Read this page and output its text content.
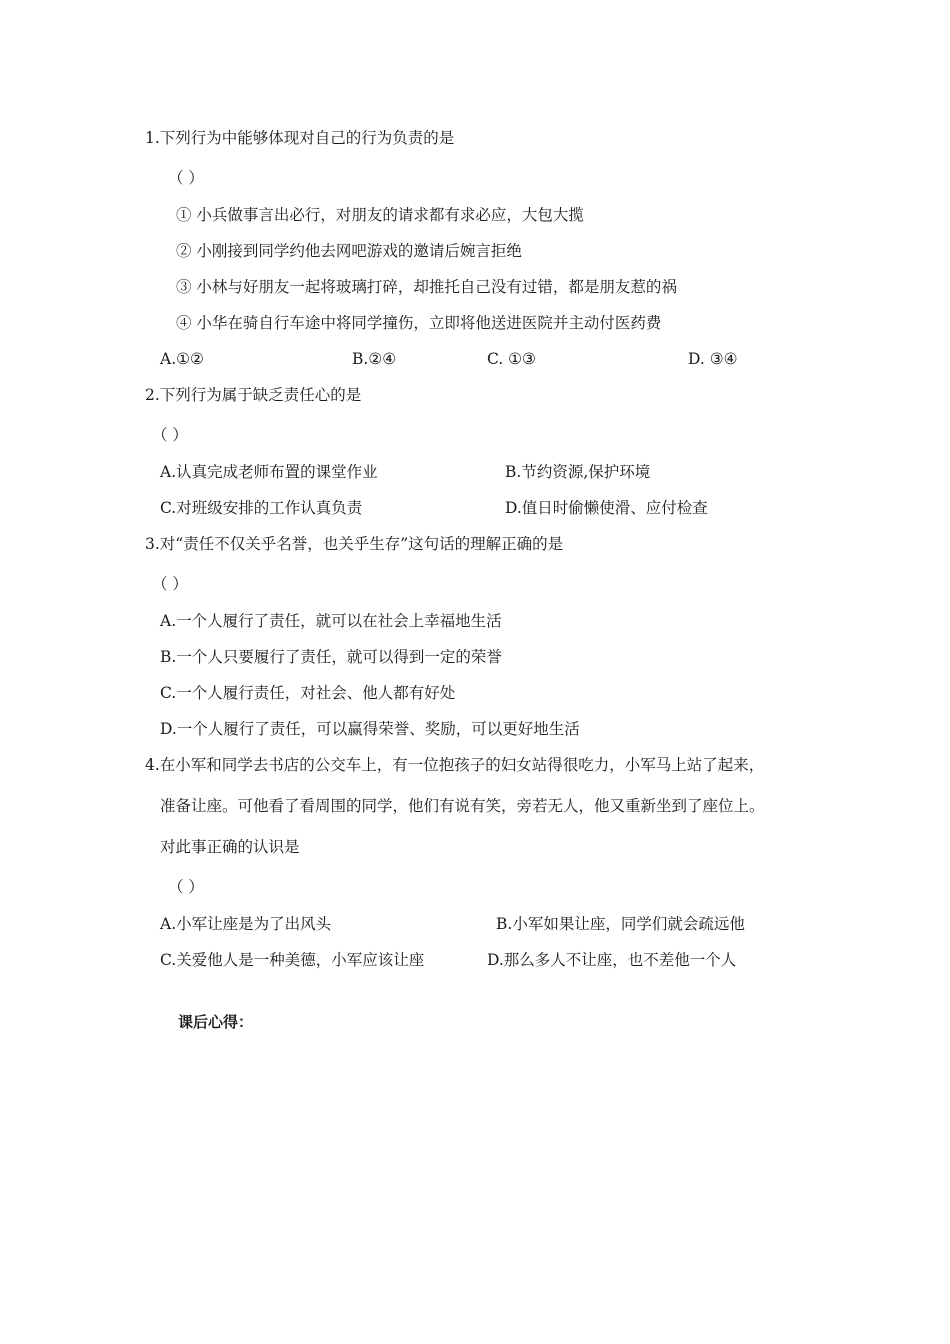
1.下列行为中能够体现对自己的行为负责的是
（ ）
① 小兵做事言出必行，对朋友的请求都有求必应，大包大揽
② 小刚接到同学约他去网吧游戏的邀请后婉言拒绝
③ 小林与好朋友一起将玻璃打碎，却推托自己没有过错，都是朋友惹的祸
④ 小华在骑自行车途中将同学撞伤，立即将他送进医院并主动付医药费
A.①②	B.②④	C. ①③	D. ③④
2.下列行为属于缺乏责任心的是
（ ）
A.认真完成老师布置的课堂作业	B.节约资源,保护环境
C.对班级安排的工作认真负责	D.值日时偷懒使滑、应付检查
3.对“责任不仅关乎名誉，也关乎生存”这句话的理解正确的是
（ ）
A.一个人履行了责任，就可以在社会上幸福地生活
B.一个人只要履行了责任，就可以得到一定的荣誉
C.一个人履行责任，对社会、他人都有好处
D.一个人履行了责任，可以赢得荣誉、奖励，可以更好地生活
4.在小军和同学去书店的公交车上，有一位抱孩子的妇女站得很吃力，小军马上站了起来，
准备让座。可他看了看周围的同学，他们有说有笑，旁若无人，他又重新坐到了座位上。
对此事正确的认识是
（ ）
A.小军让座是为了出风头	B.小军如果让座，同学们就会疏远他
C.关爱他人是一种美德，小军应该让座	D.那么多人不让座，也不差他一个人
课后心得：
